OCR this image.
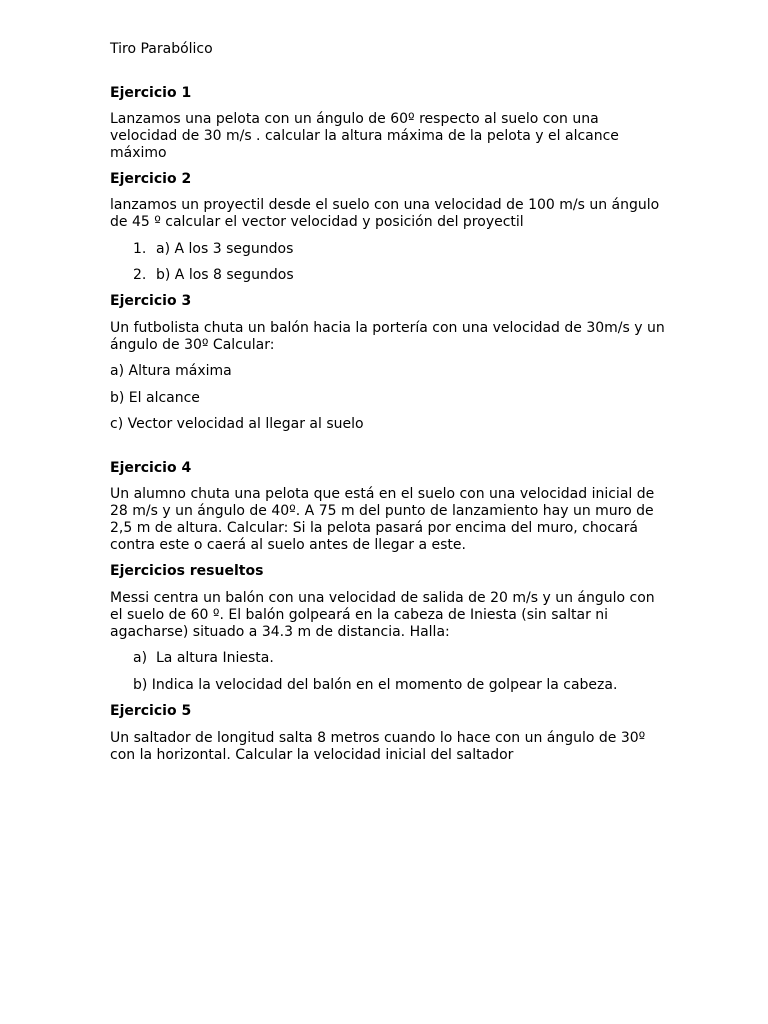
Tiro Parabólico
Ejercicio 1
Lanzamos una pelota con un ángulo de 60º respecto al suelo con una velocidad de 30 m/s . calcular la altura máxima de la pelota y el alcance máximo
Ejercicio 2
lanzamos un proyectil desde el suelo con una velocidad de 100 m/s un ángulo de 45 º calcular el vector velocidad y posición del proyectil
1. a) A los 3 segundos
2. b) A los 8 segundos
Ejercicio 3
Un futbolista chuta un balón hacia la portería con una velocidad de 30m/s y un ángulo de 30º Calcular:
a) Altura máxima
b) El alcance
c) Vector velocidad al llegar al suelo
Ejercicio 4
Un alumno chuta una pelota que está en el suelo con una velocidad inicial de 28 m/s y un ángulo de 40º. A 75 m del punto de lanzamiento hay un muro de 2,5 m de altura. Calcular: Si la pelota pasará por encima del muro, chocará contra este o caerá al suelo antes de llegar a este.
Ejercicios resueltos
Messi centra un balón con una velocidad de salida de 20 m/s y un ángulo con el suelo de 60 º. El balón golpeará en la cabeza de Iniesta (sin saltar ni agacharse) situado a 34.3 m de distancia. Halla:
a) La altura Iniesta.
b) Indica la velocidad del balón en el momento de golpear la cabeza.
Ejercicio 5
Un saltador de longitud salta 8 metros cuando lo hace con un ángulo de 30º con la horizontal. Calcular la velocidad inicial del saltador
